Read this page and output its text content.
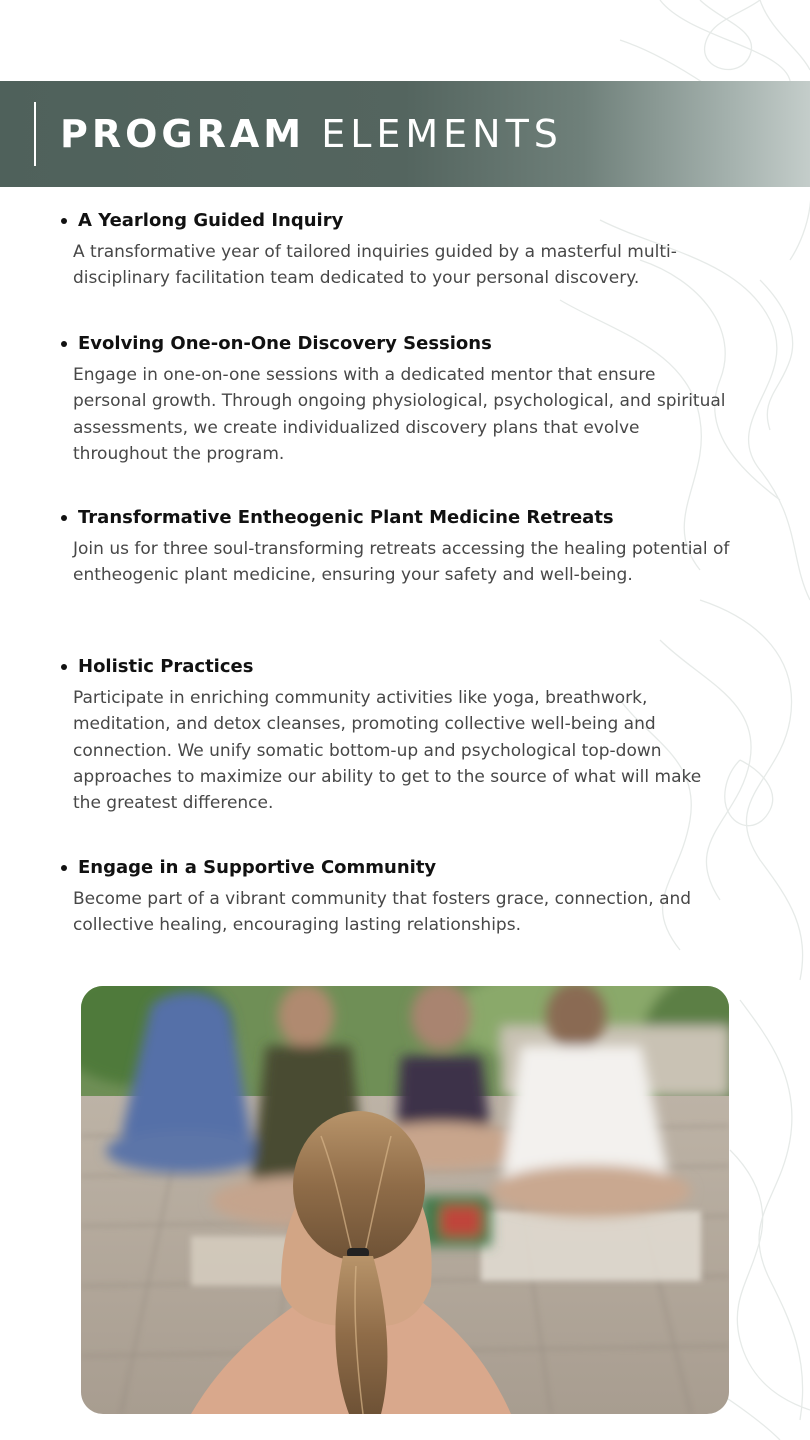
PROGRAM ELEMENTS
A Yearlong Guided Inquiry

A transformative year of tailored inquiries guided by a masterful multi-disciplinary facilitation team dedicated to your personal discovery.

Evolving One-on-One Discovery Sessions

Engage in one-on-one sessions with a dedicated mentor that ensure personal growth. Through ongoing physiological, psychological, and spiritual assessments, we create individualized discovery plans that evolve throughout the program.

Transformative Entheogenic Plant Medicine Retreats

Join us for three soul-transforming retreats accessing the healing potential of entheogenic plant medicine, ensuring your safety and well-being.

Holistic Practices

Participate in enriching community activities like yoga, breathwork, meditation, and detox cleanses, promoting collective well-being and connection. We unify somatic bottom-up and psychological top-down approaches to maximize our ability to get to the source of what will make the greatest difference.

Engage in a Supportive Community

Become part of a vibrant community that fosters grace, connection, and collective healing, encouraging lasting relationships.
